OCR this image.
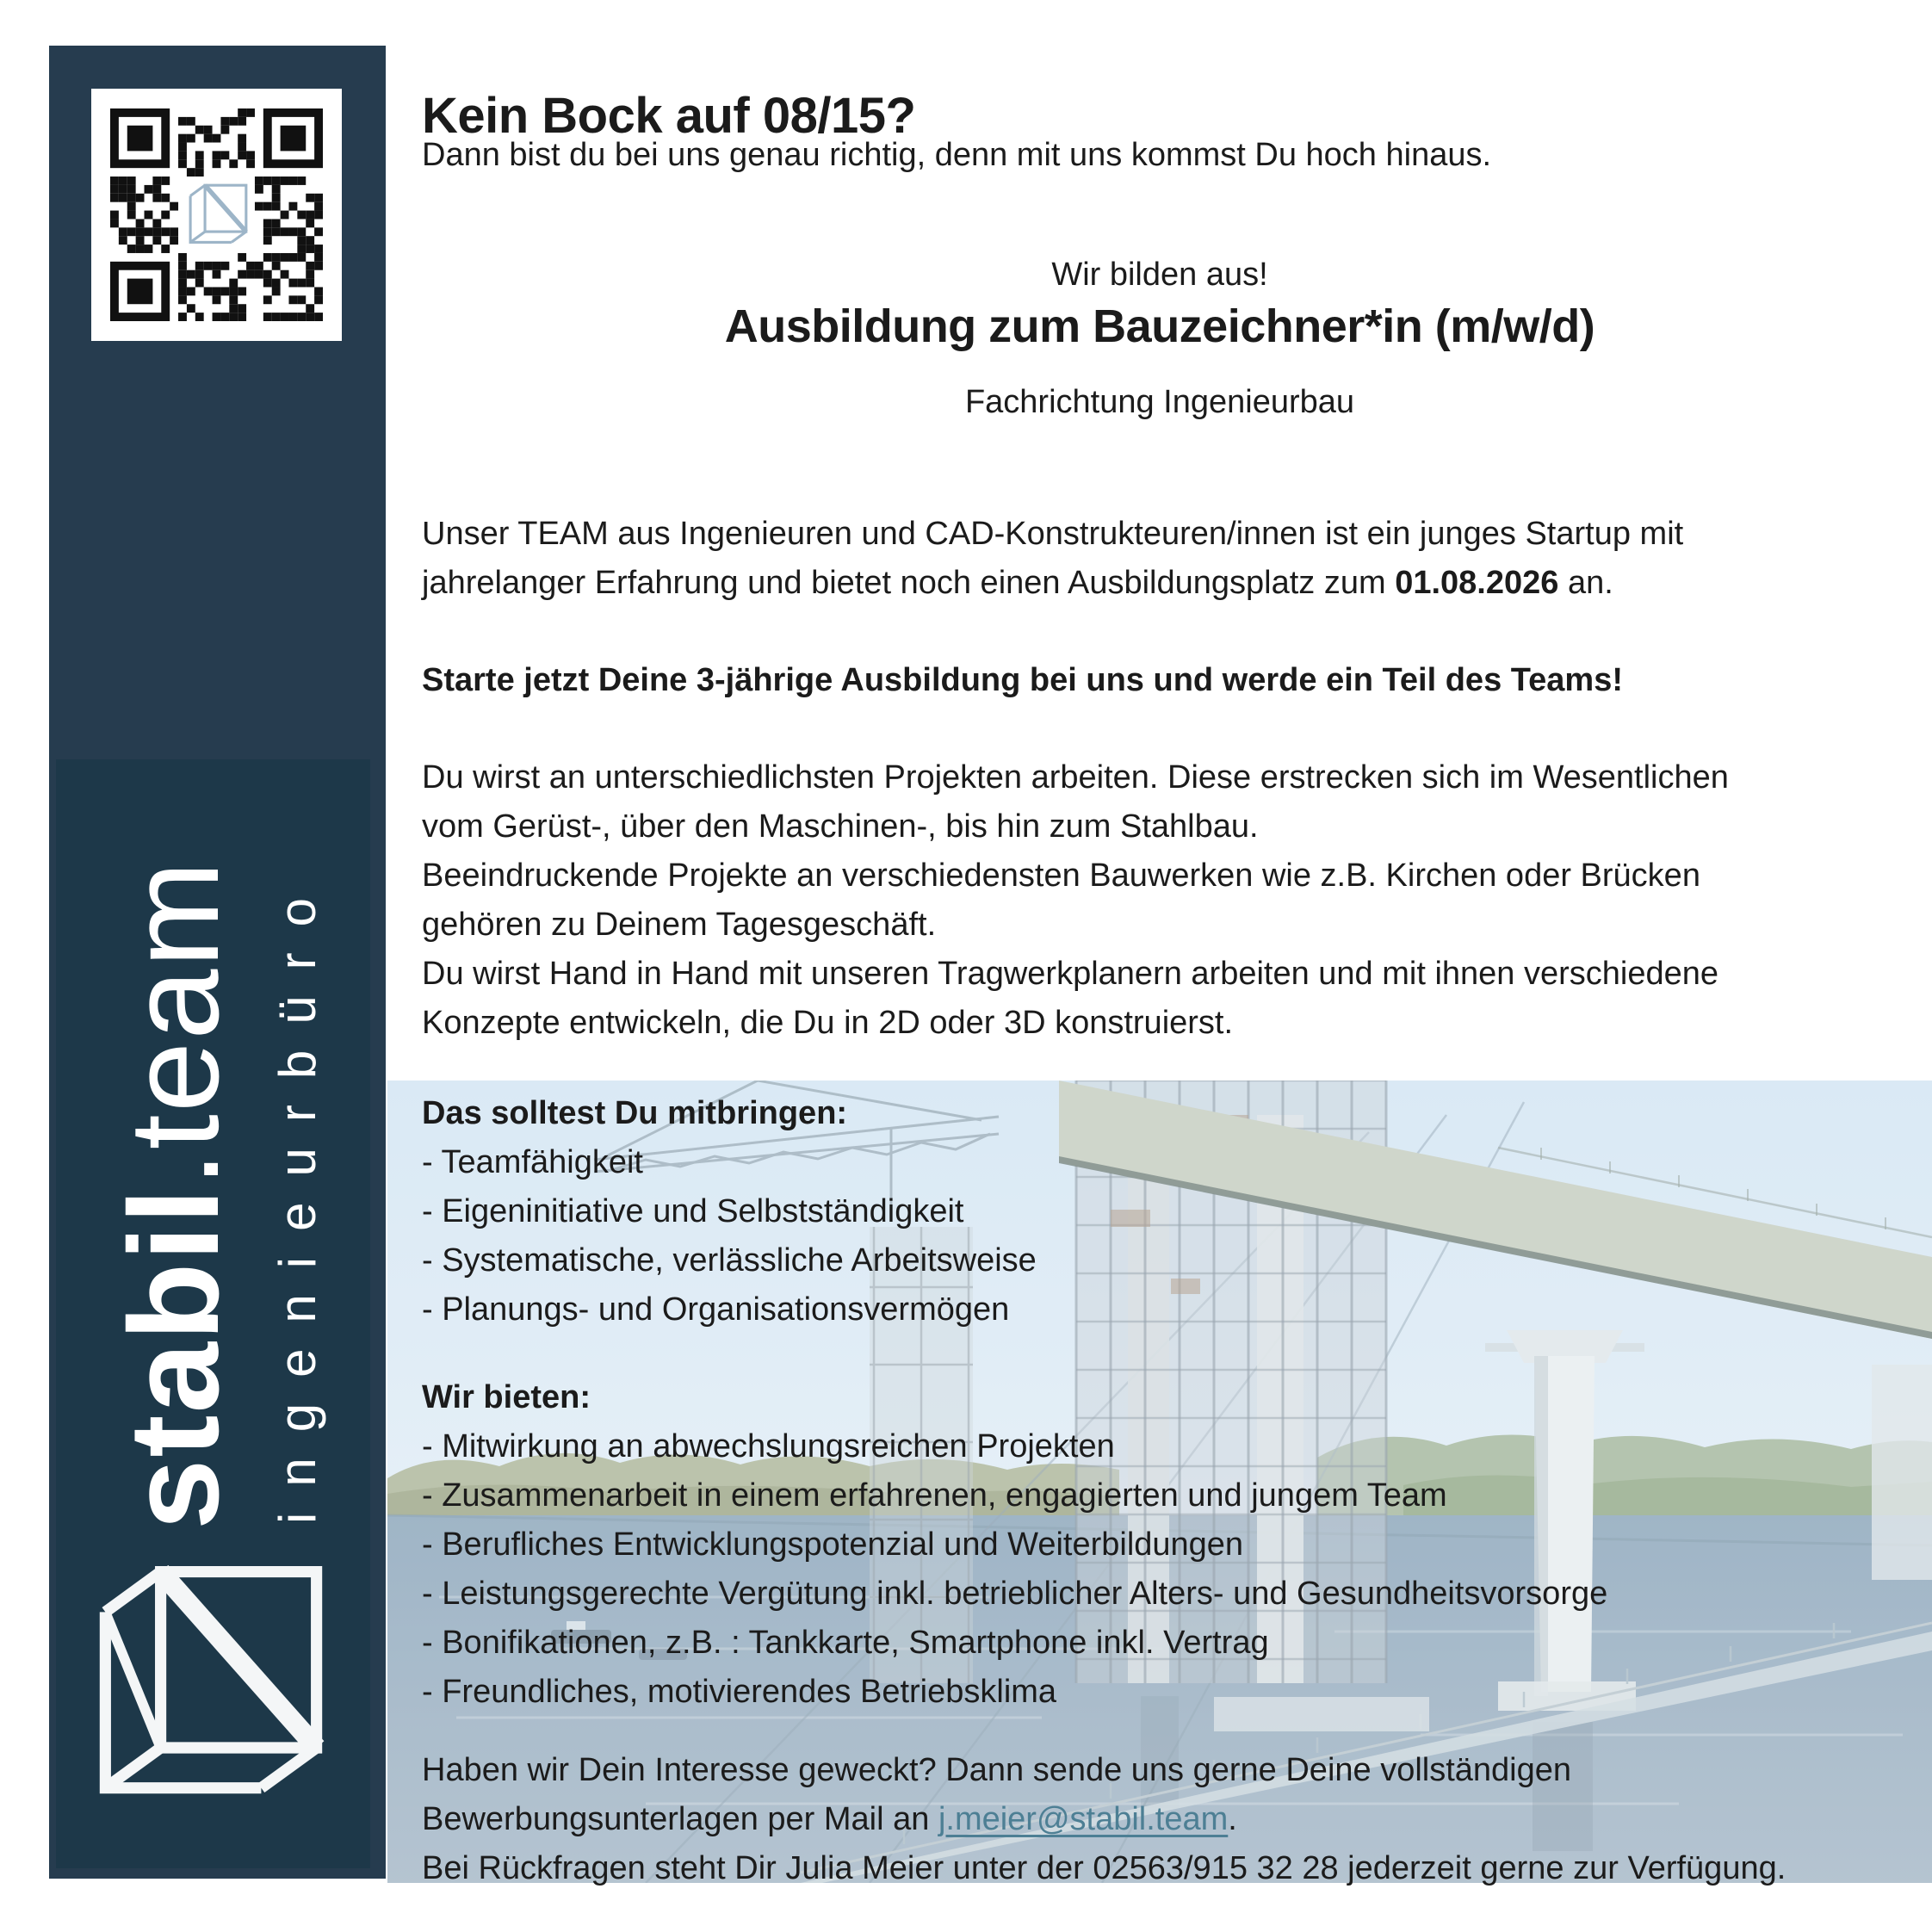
stabil.team ingenieurbüro
Kein Bock auf 08/15?
Dann bist du bei uns genau richtig, denn mit uns kommst Du hoch hinaus.
Wir bilden aus!
Ausbildung zum Bauzeichner*in (m/w/d)
Fachrichtung Ingenieurbau
Unser TEAM aus Ingenieuren und CAD-Konstrukteuren/innen ist ein junges Startup mit
jahrelanger Erfahrung und bietet noch einen Ausbildungsplatz zum 01.08.2026 an.
Starte jetzt Deine 3-jährige Ausbildung bei uns und werde ein Teil des Teams!
Du wirst an unterschiedlichsten Projekten arbeiten. Diese erstrecken sich im Wesentlichen
vom Gerüst-, über den Maschinen-, bis hin zum Stahlbau.
Beeindruckende Projekte an verschiedensten Bauwerken wie z.B. Kirchen oder Brücken
gehören zu Deinem Tagesgeschäft.
Du wirst Hand in Hand mit unseren Tragwerkplanern arbeiten und mit ihnen verschiedene
Konzepte entwickeln, die Du in 2D oder 3D konstruierst.
Das solltest Du mitbringen:
- Teamfähigkeit
- Eigeninitiative und Selbstständigkeit
- Systematische, verlässliche Arbeitsweise
- Planungs- und Organisationsvermögen
Wir bieten:
- Mitwirkung an abwechslungsreichen Projekten
- Zusammenarbeit in einem erfahrenen, engagierten und jungem Team
- Berufliches Entwicklungspotenzial und Weiterbildungen
- Leistungsgerechte Vergütung inkl. betrieblicher Alters- und Gesundheitsvorsorge
- Bonifikationen, z.B. : Tankkarte, Smartphone inkl. Vertrag
- Freundliches, motivierendes Betriebsklima
Haben wir Dein Interesse geweckt? Dann sende uns gerne Deine vollständigen
Bewerbungsunterlagen per Mail an j.meier@stabil.team.
Bei Rückfragen steht Dir Julia Meier unter der 02563/915 32 28 jederzeit gerne zur Verfügung.
